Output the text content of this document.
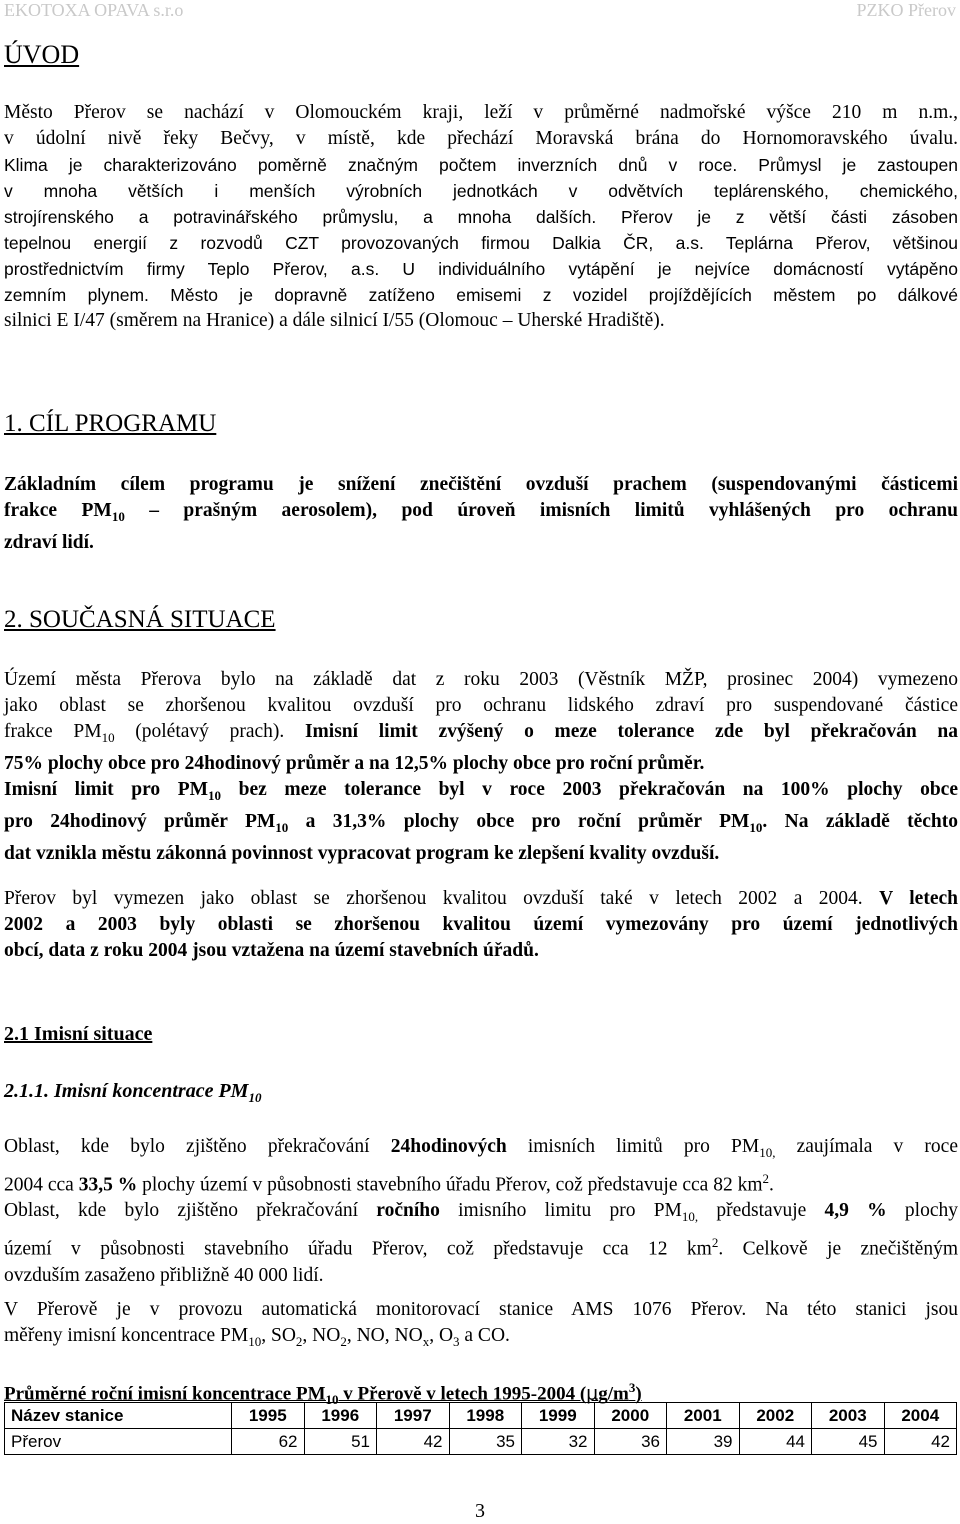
EKOTOXA OPAVA s.r.o	PZKO Přerov
ÚVOD
Město Přerov se nachází v Olomouckém kraji, leží v průměrné nadmořské výšce 210 m n.m.,
v údolní nivě řeky Bečvy, v místě, kde přechází Moravská brána do Hornomoravského úvalu.
Klima je charakterizováno poměrně značným počtem inverzních dnů v roce. Průmysl je zastoupen
v mnoha větších i menších výrobních jednotkách v odvětvích teplárenského, chemického,
strojírenského a potravinářského průmyslu, a mnoha dalších. Přerov je z větší části zásoben
tepelnou energií z rozvodů CZT provozovaných firmou Dalkia ČR, a.s. Teplárna Přerov, většinou
prostřednictvím firmy Teplo Přerov, a.s. U individuálního vytápění je nejvíce domácností vytápěno
zemním plynem. Město je dopravně zatíženo emisemi z vozidel projíždějících městem po dálkové
silnici E I/47 (směrem na Hranice) a dále silnicí I/55 (Olomouc – Uherské Hradiště).
1. CÍL PROGRAMU
Základním cílem programu je snížení znečištění ovzduší prachem (suspendovanými částicemi
frakce $PM_{10}$ – prašným aerosolem), pod úroveň imisních limitů vyhlášených pro ochranu
zdraví lidí.
2. SOUČASNÁ SITUACE
Území města Přerova bylo na základě dat z roku 2003 (Věstník MŽP, prosinec 2004) vymezeno
jako oblast se zhoršenou kvalitou ovzduší pro ochranu lidského zdraví pro suspendované částice
frakce $PM_{10}$ (polétavý prach). Imisní limit zvýšený o meze tolerance zde byl překračován na
75% plochy obce pro 24hodinový průměr a na 12,5% plochy obce pro roční průměr.
Imisní limit pro $PM_{10}$ bez meze tolerance byl v roce 2003 překračován na 100% plochy obce
pro 24hodinový průměr $PM_{10}$ a 31,3% plochy obce pro roční průměr $PM_{10}$. Na základě těchto
dat vznikla městu zákonná povinnost vypracovat program ke zlepšení kvality ovzduší.
Přerov byl vymezen jako oblast se zhoršenou kvalitou ovzduší také v letech 2002 a 2004. V letech
2002 a 2003 byly oblasti se zhoršenou kvalitou území vymezovány pro území jednotlivých
obcí, data z roku 2004 jsou vztažena na území stavebních úřadů.
2.1 Imisní situace
2.1.1. Imisní koncentrace $PM_{10}$
Oblast, kde bylo zjištěno překračování 24hodinových imisních limitů pro $PM_{10,}$ zaujímala v roce
2004 cca 33,5 % plochy území v působnosti stavebního úřadu Přerov, což představuje cca 82 $km^2$.
Oblast, kde bylo zjištěno překračování ročního imisního limitu pro $PM_{10,}$ představuje 4,9 % plochy
území v působnosti stavebního úřadu Přerov, což představuje cca 12 $km^2$. Celkově je znečištěným
ovzduším zasaženo přibližně 40 000 lidí.
V Přerově je v provozu automatická monitorovací stanice AMS 1076 Přerov. Na této stanici jsou
měřeny imisní koncentrace $PM_{10}$, $SO_2$, $NO_2$, NO, $NO_x$, $O_3$ a CO.
Průměrné roční imisní koncentrace $PM_{10}$ v Přerově v letech 1995-2004 $(\mu g/m^3)$
Název stanice	1995	1996	1997	1998	1999	2000	2001	2002	2003	2004
Přerov	62	51	42	35	32	36	39	44	45	42
3
